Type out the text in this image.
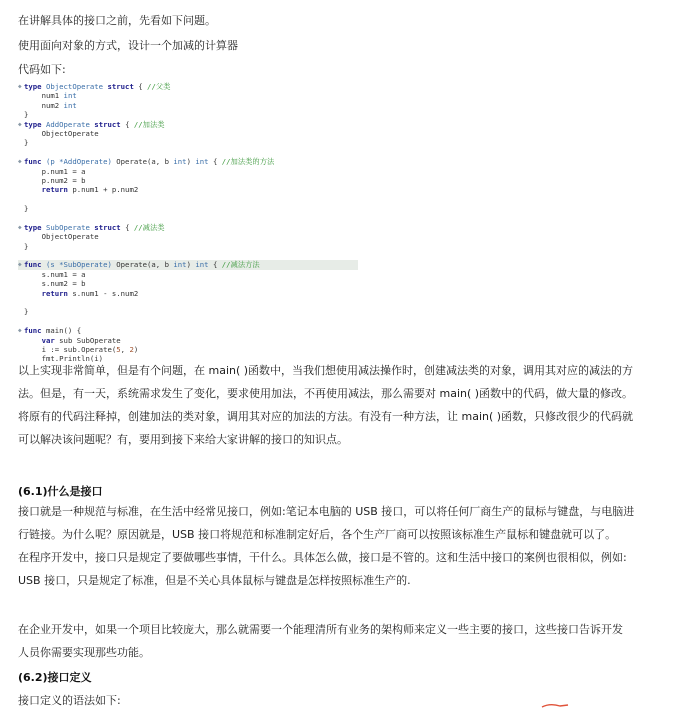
在讲解具体的接口之前，先看如下问题。
使用面向对象的方式，设计一个加减的计算器
代码如下:
◆ type ObjectOperate struct { //父类
num1 int
num2 int
}
◆ type AddOperate struct { //加法类
ObjectOperate
}
◆ func (p *AddOperate) Operate(a, b int) int { //加法类的方法
p.num1 = a
p.num2 = b
return p.num1 + p.num2
}
◆ type SubOperate struct { //减法类
ObjectOperate
}
◆ func (s *SubOperate) Operate(a, b int) int { //减法方法
s.num1 = a
s.num2 = b
return s.num1 - s.num2
}
◆ func main() {
var sub SubOperate
i := sub.Operate(5, 2)
fmt.Println(i)
以上实现非常简单，但是有个问题，在 main( )函数中，当我们想使用减法操作时，创建减法类的对象，调用其对应的减法的方
法。但是，有一天，系统需求发生了变化，要求使用加法，不再使用减法，那么需要对 main( )函数中的代码，做大量的修改。
将原有的代码注释掉，创建加法的类对象，调用其对应的加法的方法。有没有一种方法，让 main( )函数，只修改很少的代码就
可以解决该问题呢？有，要用到接下来给大家讲解的接口的知识点。
(6.1)什么是接口
接口就是一种规范与标准，在生活中经常见接口，例如:笔记本电脑的 USB 接口，可以将任何厂商生产的鼠标与键盘，与电脑进
行链接。为什么呢？原因就是，USB 接口将规范和标准制定好后，各个生产厂商可以按照该标准生产鼠标和键盘就可以了。
在程序开发中，接口只是规定了要做哪些事情，干什么。具体怎么做，接口是不管的。这和生活中接口的案例也很相似，例如:
USB 接口，只是规定了标准，但是不关心具体鼠标与键盘是怎样按照标准生产的.
在企业开发中，如果一个项目比较庞大，那么就需要一个能理清所有业务的架构师来定义一些主要的接口，这些接口告诉开发
人员你需要实现那些功能。
(6.2)接口定义
接口定义的语法如下:
